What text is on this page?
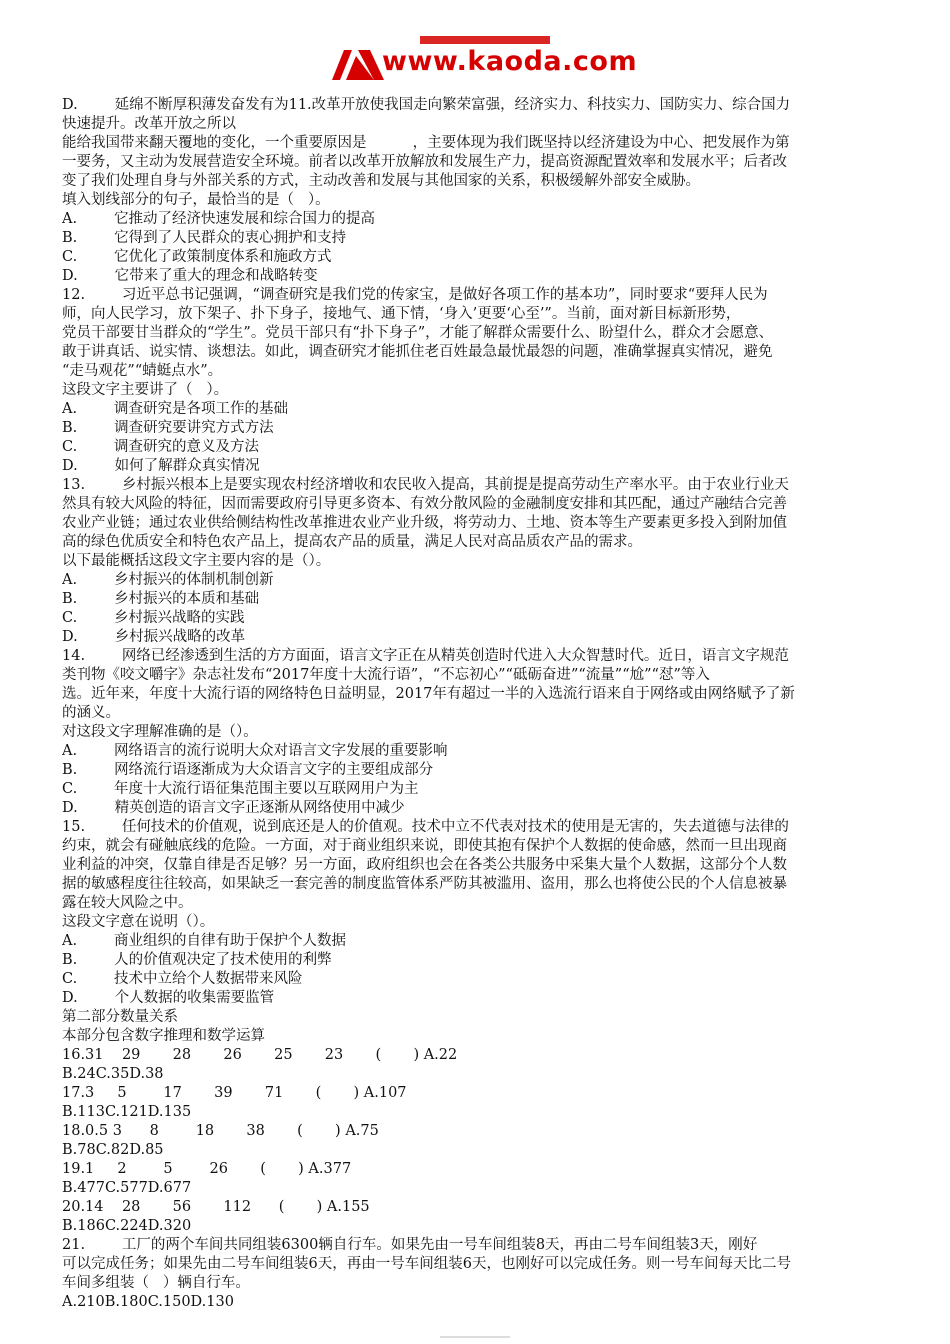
www.kaoda.com
D.        延绵不断厚积薄发奋发有为11.改革开放使我国走向繁荣富强，经济实力、科技实力、国防实力、综合国力
快速提升。改革开放之所以
能给我国带来翻天覆地的变化，一个重要原因是          ，主要体现为我们既坚持以经济建设为中心、把发展作为第
一要务，又主动为发展营造安全环境。前者以改革开放解放和发展生产力，提高资源配置效率和发展水平；后者改
变了我们处理自身与外部关系的方式，主动改善和发展与其他国家的关系，积极缓解外部安全威胁。
填入划线部分的句子，最恰当的是（   ）。
A.        它推动了经济快速发展和综合国力的提高
B.        它得到了人民群众的衷心拥护和支持
C.        它优化了政策制度体系和施政方式
D.        它带来了重大的理念和战略转变
12.        习近平总书记强调，“调查研究是我们党的传家宝，是做好各项工作的基本功”，同时要求“要拜人民为
师，向人民学习，放下架子、扑下身子，接地气、通下情，‘身入’更要‘心至’”。当前，面对新目标新形势，
党员干部要甘当群众的“学生”。党员干部只有“扑下身子”，才能了解群众需要什么、盼望什么，群众才会愿意、
敢于讲真话、说实情、谈想法。如此，调查研究才能抓住老百姓最急最忧最怨的问题，准确掌握真实情况，避免
“走马观花”“蜻蜓点水”。
这段文字主要讲了（   ）。
A.        调查研究是各项工作的基础
B.        调查研究要讲究方式方法
C.        调查研究的意义及方法
D.        如何了解群众真实情况
13.        乡村振兴根本上是要实现农村经济增收和农民收入提高，其前提是提高劳动生产率水平。由于农业行业天
然具有较大风险的特征，因而需要政府引导更多资本、有效分散风险的金融制度安排和其匹配，通过产融结合完善
农业产业链；通过农业供给侧结构性改革推进农业产业升级，将劳动力、土地、资本等生产要素更多投入到附加值
高的绿色优质安全和特色农产品上，提高农产品的质量，满足人民对高品质农产品的需求。
以下最能概括这段文字主要内容的是（）。
A.        乡村振兴的体制机制创新
B.        乡村振兴的本质和基础
C.        乡村振兴战略的实践
D.        乡村振兴战略的改革
14.        网络已经渗透到生活的方方面面，语言文字正在从精英创造时代进入大众智慧时代。近日，语言文字规范
类刊物《咬文嚼字》杂志社发布“2017年度十大流行语”，“不忘初心”“砥砺奋进”“流量”“尬”“怼”等入
选。近年来，年度十大流行语的网络特色日益明显，2017年有超过一半的入选流行语来自于网络或由网络赋予了新
的涵义。
对这段文字理解准确的是（）。
A.        网络语言的流行说明大众对语言文字发展的重要影响
B.        网络流行语逐渐成为大众语言文字的主要组成部分
C.        年度十大流行语征集范围主要以互联网用户为主
D.        精英创造的语言文字正逐渐从网络使用中减少
15.        任何技术的价值观，说到底还是人的价值观。技术中立不代表对技术的使用是无害的，失去道德与法律的
约束，就会有碰触底线的危险。一方面，对于商业组织来说，即使其抱有保护个人数据的使命感，然而一旦出现商
业利益的冲突，仅靠自律是否足够？另一方面，政府组织也会在各类公共服务中采集大量个人数据，这部分个人数
据的敏感程度往往较高，如果缺乏一套完善的制度监管体系严防其被滥用、盗用，那么也将使公民的个人信息被暴
露在较大风险之中。
这段文字意在说明（）。
A.        商业组织的自律有助于保护个人数据
B.        人的价值观决定了技术使用的利弊
C.        技术中立给个人数据带来风险
D.        个人数据的收集需要监管
第二部分数量关系
本部分包含数字推理和数学运算
16.31    29       28       26       25       23       (       ) A.22
B.24C.35D.38
17.3     5        17       39       71       (       ) A.107
B.113C.121D.135
18.0.5 3      8        18       38       (       ) A.75
B.78C.82D.85
19.1     2        5        26       (       ) A.377
B.477C.577D.677
20.14    28       56       112      (       ) A.155
B.186C.224D.320
21.        工厂的两个车间共同组装6300辆自行车。如果先由一号车间组装8天，再由二号车间组装3天，刚好
可以完成任务；如果先由二号车间组装6天，再由一号车间组装6天，也刚好可以完成任务。则一号车间每天比二号
车间多组装（   ）辆自行车。
A.210B.180C.150D.130
